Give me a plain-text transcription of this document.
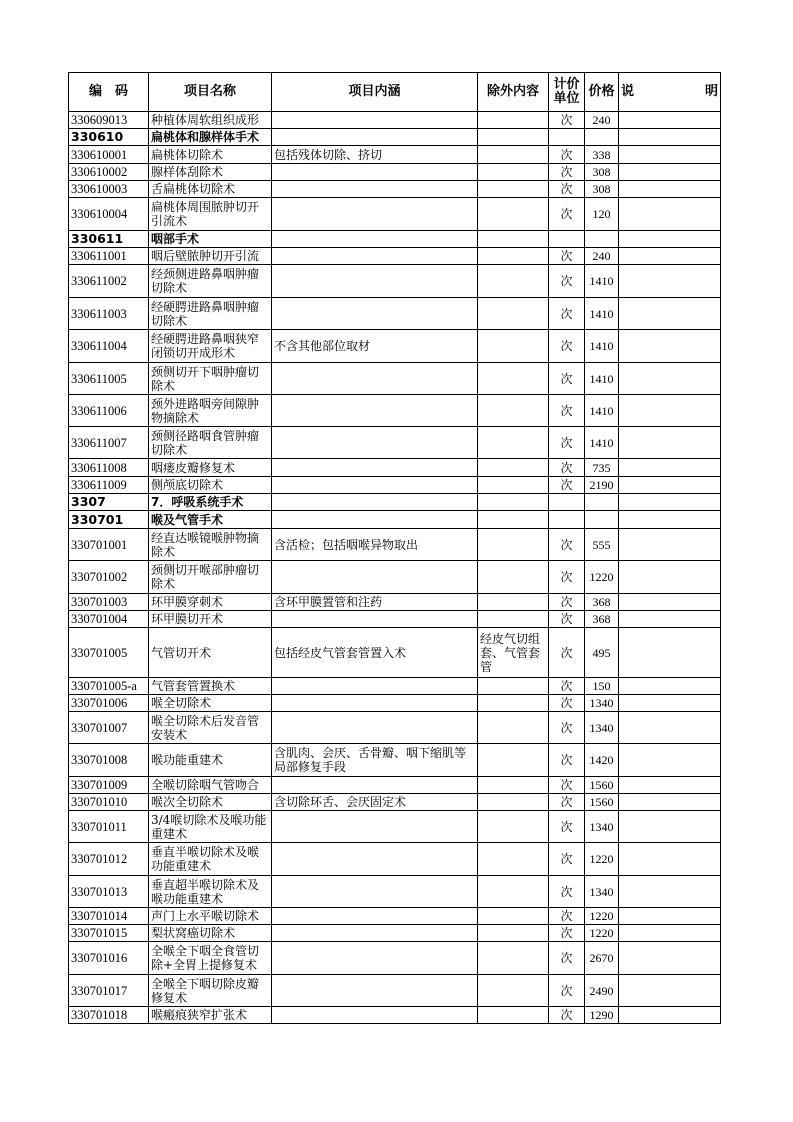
编　码	项目名称	项目内涵	除外内容	计价单位	价格	说 明

330609013	种植体周软组织成形			次	240	
330610	扁桃体和腺样体手术					
330610001	扁桃体切除术	包括残体切除、挤切		次	338	
330610002	腺样体刮除术			次	308	
330610003	舌扁桃体切除术			次	308	
330610004	扁桃体周围脓肿切开引流术			次	120	
330611	咽部手术					
330611001	咽后壁脓肿切开引流			次	240	
330611002	经颈侧进路鼻咽肿瘤切除术			次	1410	
330611003	经硬腭进路鼻咽肿瘤切除术			次	1410	
330611004	经硬腭进路鼻咽狭窄闭锁切开成形术	不含其他部位取材		次	1410	
330611005	颈侧切开下咽肿瘤切除术			次	1410	
330611006	颈外进路咽旁间隙肿物摘除术			次	1410	
330611007	颈侧径路咽食管肿瘤切除术			次	1410	
330611008	咽瘘皮瓣修复术			次	735	
330611009	侧颅底切除术			次	2190	
3307	7．呼吸系统手术					
330701	喉及气管手术					
330701001	经直达喉镜喉肿物摘除术	含活检；包括咽喉异物取出		次	555	
330701002	颈侧切开喉部肿瘤切除术			次	1220	
330701003	环甲膜穿刺术	含环甲膜置管和注药		次	368	
330701004	环甲膜切开术			次	368	
330701005	气管切开术	包括经皮气管套管置入术	经皮气切组套、气管套管	次	495	
330701005-a	气管套管置换术			次	150	
330701006	喉全切除术			次	1340	
330701007	喉全切除术后发音管安装术			次	1340	
330701008	喉功能重建术	含肌肉、会厌、舌骨瓣、咽下缩肌等局部修复手段		次	1420	
330701009	全喉切除咽气管吻合			次	1560	
330701010	喉次全切除术	含切除环舌、会厌固定术		次	1560	
330701011	3/4喉切除术及喉功能重建术			次	1340	
330701012	垂直半喉切除术及喉功能重建术			次	1220	
330701013	垂直超半喉切除术及喉功能重建术			次	1340	
330701014	声门上水平喉切除术			次	1220	
330701015	梨状窝癌切除术			次	1220	
330701016	全喉全下咽全食管切除+全胃上提修复术			次	2670	
330701017	全喉全下咽切除皮瓣修复术			次	2490	
330701018	喉瘢痕狭窄扩张术			次	1290	
